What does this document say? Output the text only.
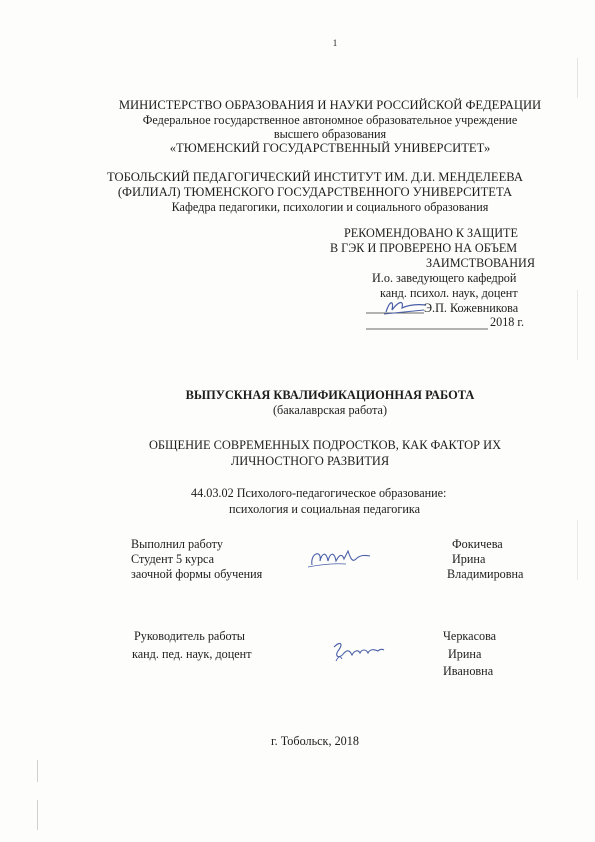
1
МИНИСТЕРСТВО ОБРАЗОВАНИЯ И НАУКИ РОССИЙСКОЙ ФЕДЕРАЦИИ
Федеральное государственное автономное образовательное учреждение
высшего образования
«ТЮМЕНСКИЙ ГОСУДАРСТВЕННЫЙ УНИВЕРСИТЕТ»
ТОБОЛЬСКИЙ ПЕДАГОГИЧЕСКИЙ ИНСТИТУТ ИМ. Д.И. МЕНДЕЛЕЕВА
(ФИЛИАЛ) ТЮМЕНСКОГО ГОСУДАРСТВЕННОГО УНИВЕРСИТЕТА
Кафедра педагогики, психологии и социального образования
РЕКОМЕНДОВАНО К ЗАЩИТЕ
В ГЭК И ПРОВЕРЕНО НА ОБЪЕМ
ЗАИМСТВОВАНИЯ
И.о. заведующего кафедрой
канд. психол. наук, доцент
Э.П. Кожевникова
2018 г.
ВЫПУСКНАЯ КВАЛИФИКАЦИОННАЯ РАБОТА
(бакалаврская работа)
ОБЩЕНИЕ СОВРЕМЕННЫХ ПОДРОСТКОВ, КАК ФАКТОР ИХ
ЛИЧНОСТНОГО РАЗВИТИЯ
44.03.02 Психолого-педагогическое образование:
психология и социальная педагогика
Выполнил работу
Студент 5 курса
заочной формы обучения
Фокичева
Ирина
Владимировна
Руководитель работы
канд. пед. наук, доцент
Черкасова
Ирина
Ивановна
г. Тобольск, 2018
